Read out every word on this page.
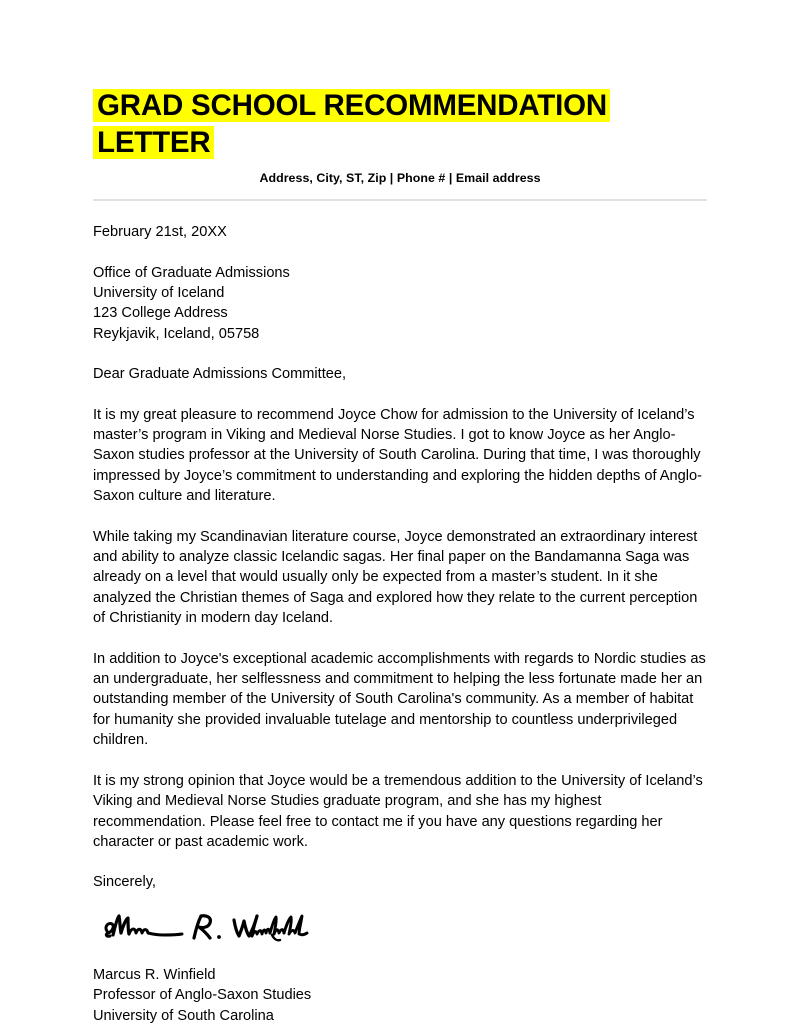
GRAD SCHOOL RECOMMENDATION LETTER
Address, City, ST, Zip | Phone # | Email address
February 21st, 20XX
Office of Graduate Admissions
University of Iceland
123 College Address
Reykjavik, Iceland, 05758
Dear Graduate Admissions Committee,

It is my great pleasure to recommend Joyce Chow for admission to the University of Iceland’s master’s program in Viking and Medieval Norse Studies. I got to know Joyce as her Anglo-Saxon studies professor at the University of South Carolina. During that time, I was thoroughly impressed by Joyce’s commitment to understanding and exploring the hidden depths of Anglo-Saxon culture and literature.

While taking my Scandinavian literature course, Joyce demonstrated an extraordinary interest and ability to analyze classic Icelandic sagas. Her final paper on the Bandamanna Saga was already on a level that would usually only be expected from a master’s student. In it she analyzed the Christian themes of Saga and explored how they relate to the current perception of Christianity in modern day Iceland.

In addition to Joyce's exceptional academic accomplishments with regards to Nordic studies as an undergraduate, her selflessness and commitment to helping the less fortunate made her an outstanding member of the University of South Carolina's community. As a member of habitat for humanity she provided invaluable tutelage and mentorship to countless underprivileged children.

It is my strong opinion that Joyce would be a tremendous addition to the University of Iceland’s Viking and Medieval Norse Studies graduate program, and she has my highest recommendation. Please feel free to contact me if you have any questions regarding her character or past academic work.

Sincerely,
Marcus R. Winfield
Professor of Anglo-Saxon Studies
University of South Carolina
